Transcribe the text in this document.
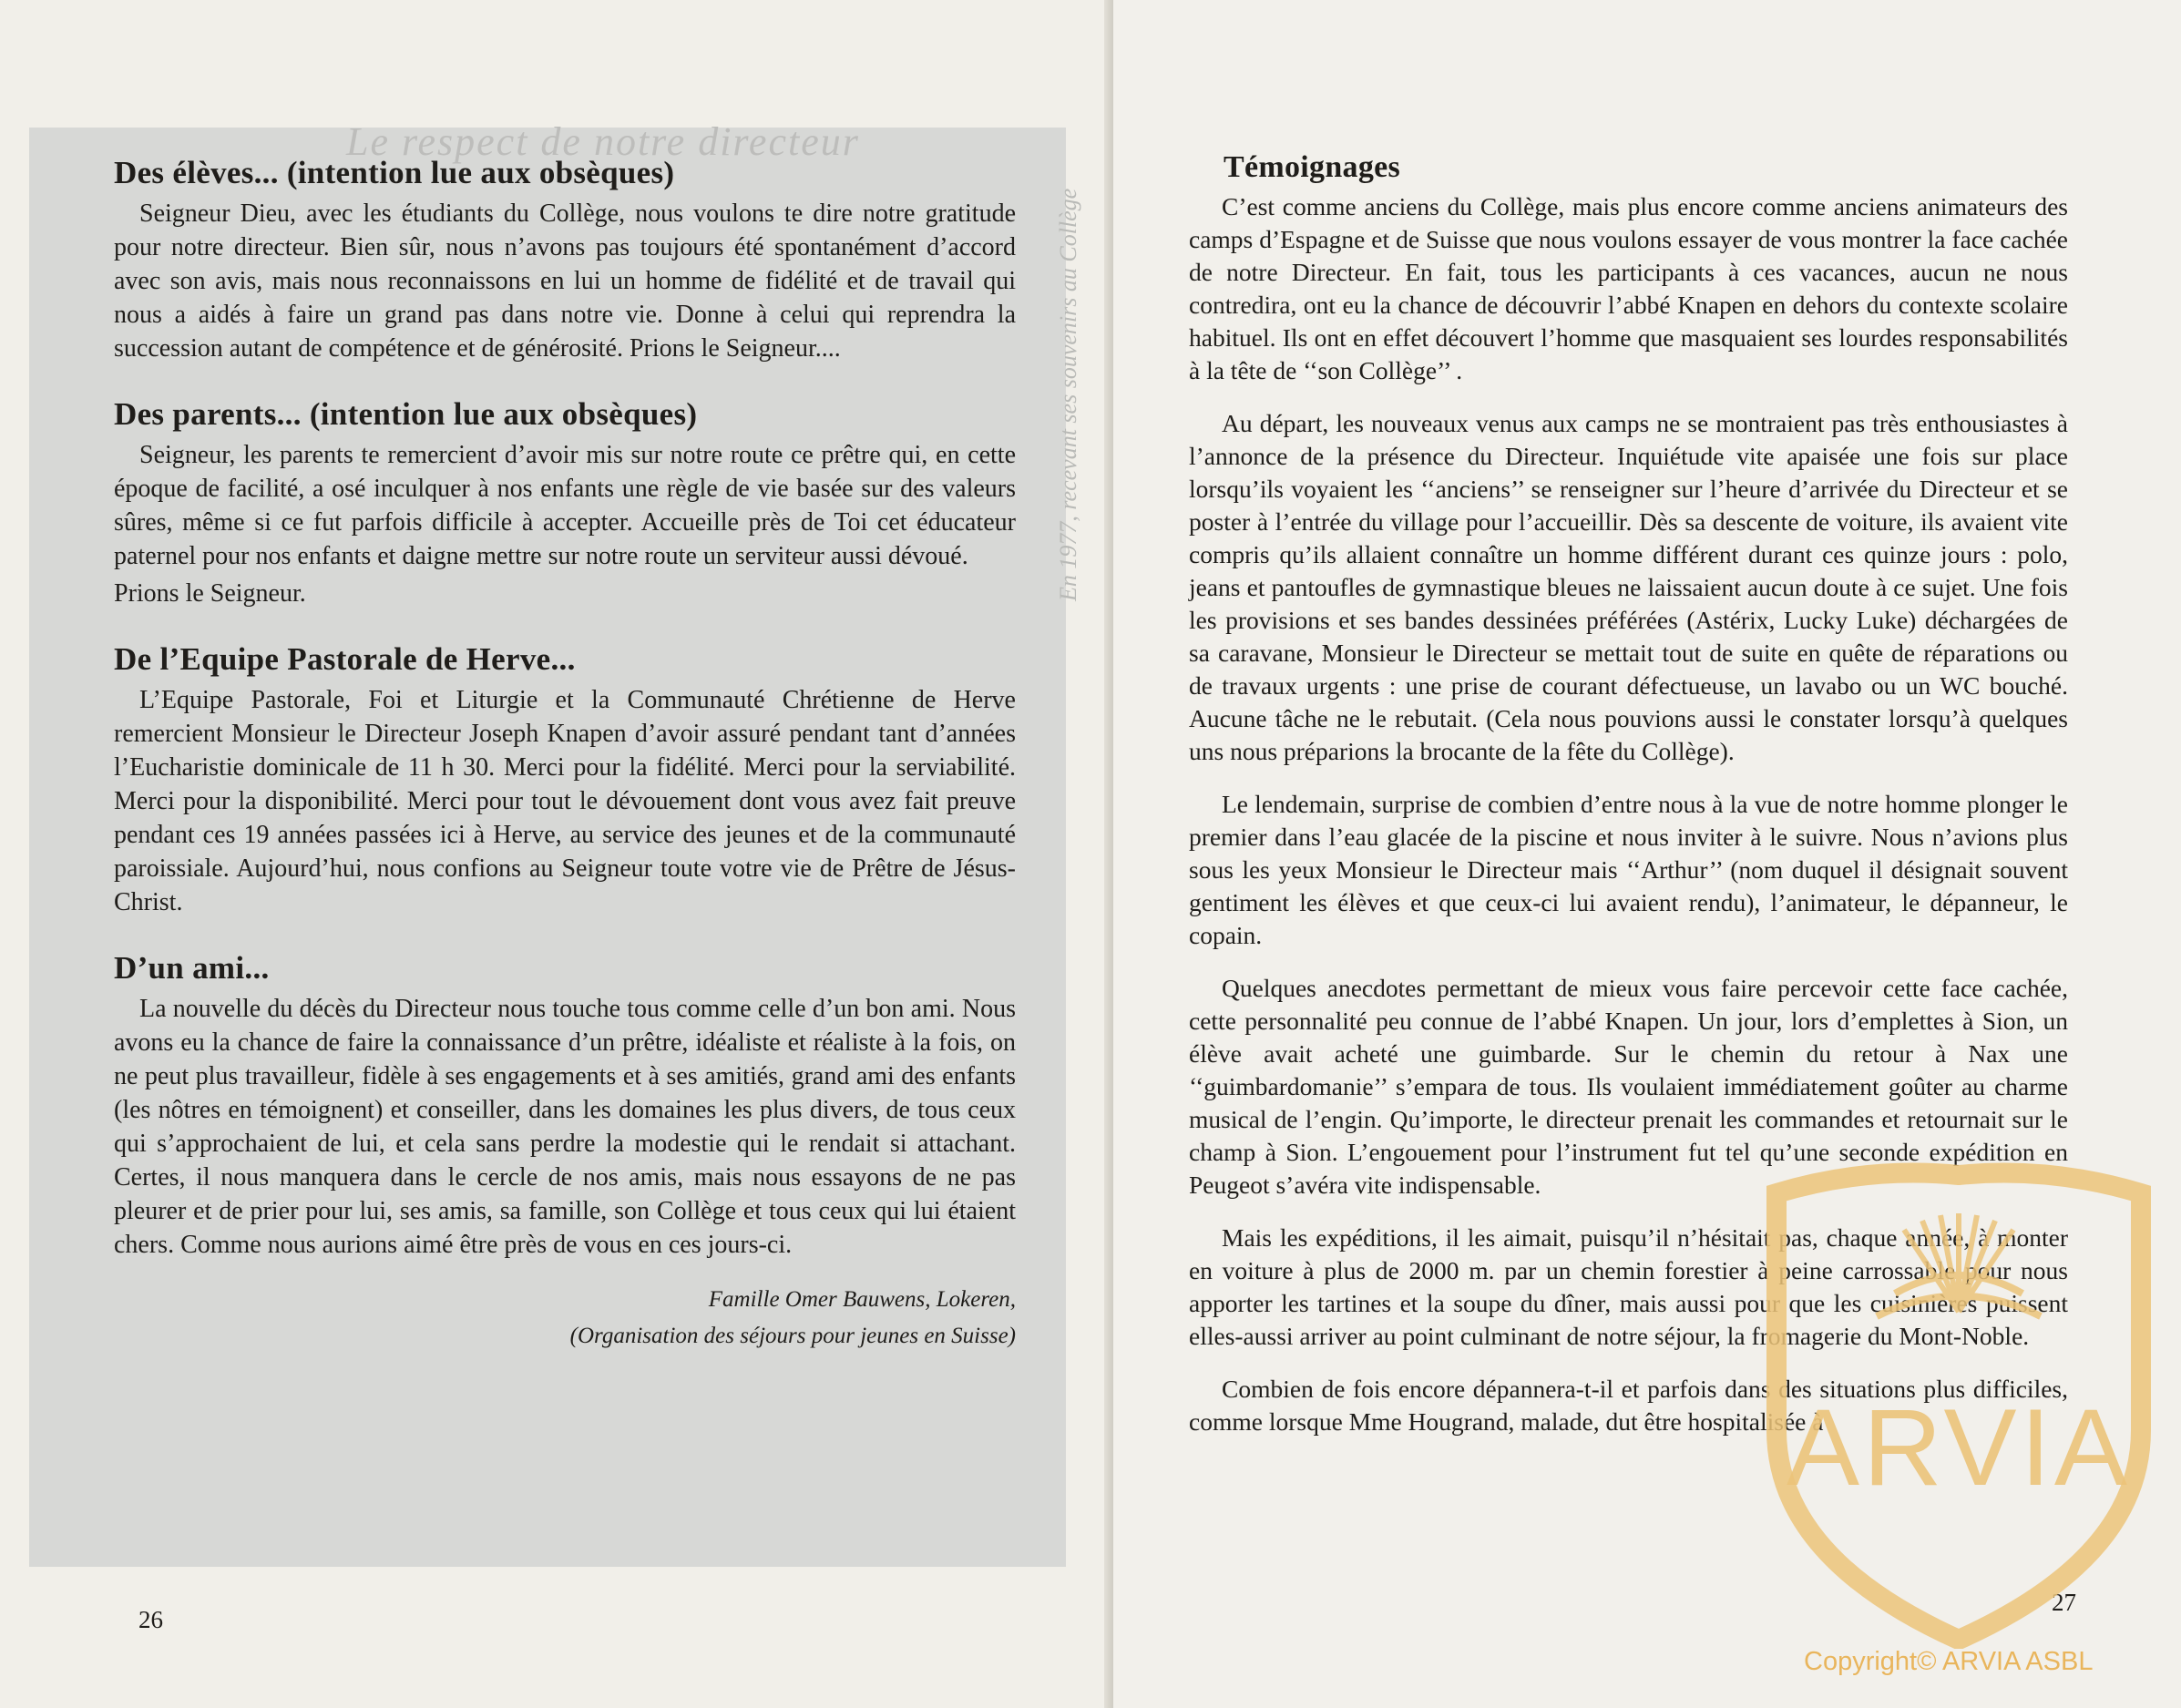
Le respect de notre directeur
En 1977, recevant ses souvenirs au Collège
Des élèves... (intention lue aux obsèques)

Seigneur Dieu, avec les étudiants du Collège, nous voulons te dire notre gratitude pour notre directeur. Bien sûr, nous n’avons pas toujours été spontanément d’accord avec son avis, mais nous reconnaissons en lui un homme de fidélité et de travail qui nous a aidés à faire un grand pas dans notre vie. Donne à celui qui reprendra la succession autant de compétence et de générosité. Prions le Seigneur....

Des parents... (intention lue aux obsèques)

Seigneur, les parents te remercient d’avoir mis sur notre route ce prêtre qui, en cette époque de facilité, a osé inculquer à nos enfants une règle de vie basée sur des valeurs sûres, même si ce fut parfois difficile à accepter. Accueille près de Toi cet éducateur paternel pour nos enfants et daigne mettre sur notre route un serviteur aussi dévoué.

Prions le Seigneur.

De l’Equipe Pastorale de Herve...

L’Equipe Pastorale, Foi et Liturgie et la Communauté Chrétienne de Herve remercient Monsieur le Directeur Joseph Knapen d’avoir assuré pendant tant d’années l’Eucharistie dominicale de 11 h 30. Merci pour la fidélité. Merci pour la serviabilité. Merci pour la disponibilité. Merci pour tout le dévouement dont vous avez fait preuve pendant ces 19 années passées ici à Herve, au service des jeunes et de la communauté paroissiale. Aujourd’hui, nous confions au Seigneur toute votre vie de Prêtre de Jésus-Christ.

D’un ami...

La nouvelle du décès du Directeur nous touche tous comme celle d’un bon ami. Nous avons eu la chance de faire la connaissance d’un prêtre, idéaliste et réaliste à la fois, on ne peut plus travailleur, fidèle à ses engagements et à ses amitiés, grand ami des enfants (les nôtres en témoignent) et conseiller, dans les domaines les plus divers, de tous ceux qui s’approchaient de lui, et cela sans perdre la modestie qui le rendait si attachant. Certes, il nous manquera dans le cercle de nos amis, mais nous essayons de ne pas pleurer et de prier pour lui, ses amis, sa famille, son Collège et tous ceux qui lui étaient chers. Comme nous aurions aimé être près de vous en ces jours-ci.

Famille Omer Bauwens, Lokeren,
(Organisation des séjours pour jeunes en Suisse)
26
Témoignages

C’est comme anciens du Collège, mais plus encore comme anciens animateurs des camps d’Espagne et de Suisse que nous voulons essayer de vous montrer la face cachée de notre Directeur. En fait, tous les participants à ces vacances, aucun ne nous contredira, ont eu la chance de découvrir l’abbé Knapen en dehors du contexte scolaire habituel. Ils ont en effet découvert l’homme que masquaient ses lourdes responsabilités à la tête de ‘‘son Collège’’ .

Au départ, les nouveaux venus aux camps ne se montraient pas très enthousiastes à l’annonce de la présence du Directeur. Inquiétude vite apaisée une fois sur place lorsqu’ils voyaient les ‘‘anciens’’ se renseigner sur l’heure d’arrivée du Directeur et se poster à l’entrée du village pour l’accueillir. Dès sa descente de voiture, ils avaient vite compris qu’ils allaient connaître un homme différent durant ces quinze jours : polo, jeans et pantoufles de gymnastique bleues ne laissaient aucun doute à ce sujet. Une fois les provisions et ses bandes dessinées préférées (Astérix, Lucky Luke) déchargées de sa caravane, Monsieur le Directeur se mettait tout de suite en quête de réparations ou de travaux urgents : une prise de courant défectueuse, un lavabo ou un WC bouché. Aucune tâche ne le rebutait. (Cela nous pouvions aussi le constater lorsqu’à quelques uns nous préparions la brocante de la fête du Collège).

Le lendemain, surprise de combien d’entre nous à la vue de notre homme plonger le premier dans l’eau glacée de la piscine et nous inviter à le suivre. Nous n’avions plus sous les yeux Monsieur le Directeur mais ‘‘Arthur’’ (nom duquel il désignait souvent gentiment les élèves et que ceux-ci lui avaient rendu), l’animateur, le dépanneur, le copain.

Quelques anecdotes permettant de mieux vous faire percevoir cette face cachée, cette personnalité peu connue de l’abbé Knapen. Un jour, lors d’emplettes à Sion, un élève avait acheté une guimbarde. Sur le chemin du retour à Nax une ‘‘guimbardomanie’’ s’empara de tous. Ils voulaient immédiatement goûter au charme musical de l’engin. Qu’importe, le directeur prenait les commandes et retournait sur le champ à Sion. L’engouement pour l’instrument fut tel qu’une seconde expédition en Peugeot s’avéra vite indispensable.

Mais les expéditions, il les aimait, puisqu’il n’hésitait pas, chaque année, à monter en voiture à plus de 2000 m. par un chemin forestier à peine carrossable pour nous apporter les tartines et la soupe du dîner, mais aussi pour que les cuisinières puissent elles-aussi arriver au point culminant de notre séjour, la fromagerie du Mont-Noble.

Combien de fois encore dépannera-t-il et parfois dans des situations plus difficiles, comme lorsque Mme Hougrand, malade, dut être hospitalisée à

27
ARVIA
Copyright© ARVIA ASBL
